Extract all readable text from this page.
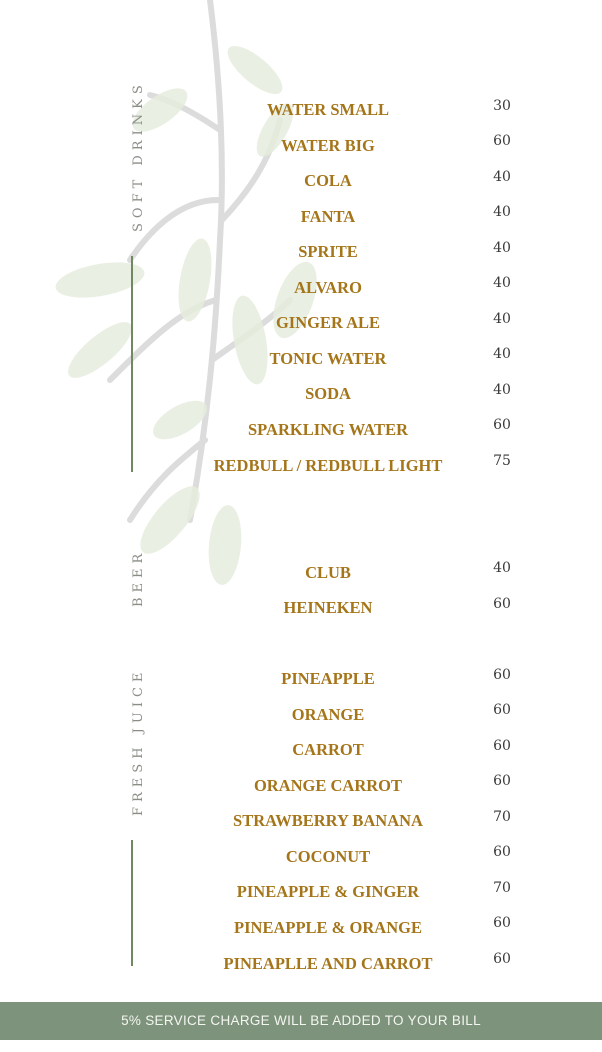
SOFT DRINKS	WATER SMALL	30
WATER BIG	60
COLA	40
FANTA	40
SPRITE	40
ALVARO	40
GINGER ALE	40
TONIC WATER	40
SODA	40
SPARKLING WATER	60
REDBULL / REDBULL LIGHT	75
BEER	CLUB	40
HEINEKEN	60
FRESH JUICE	PINEAPPLE	60
ORANGE	60
CARROT	60
ORANGE CARROT	60
STRAWBERRY BANANA	70
COCONUT	60
PINEAPPLE & GINGER	70
PINEAPPLE & ORANGE	60
PINEAPLLE AND CARROT	60
5% SERVICE CHARGE WILL BE ADDED TO YOUR BILL
